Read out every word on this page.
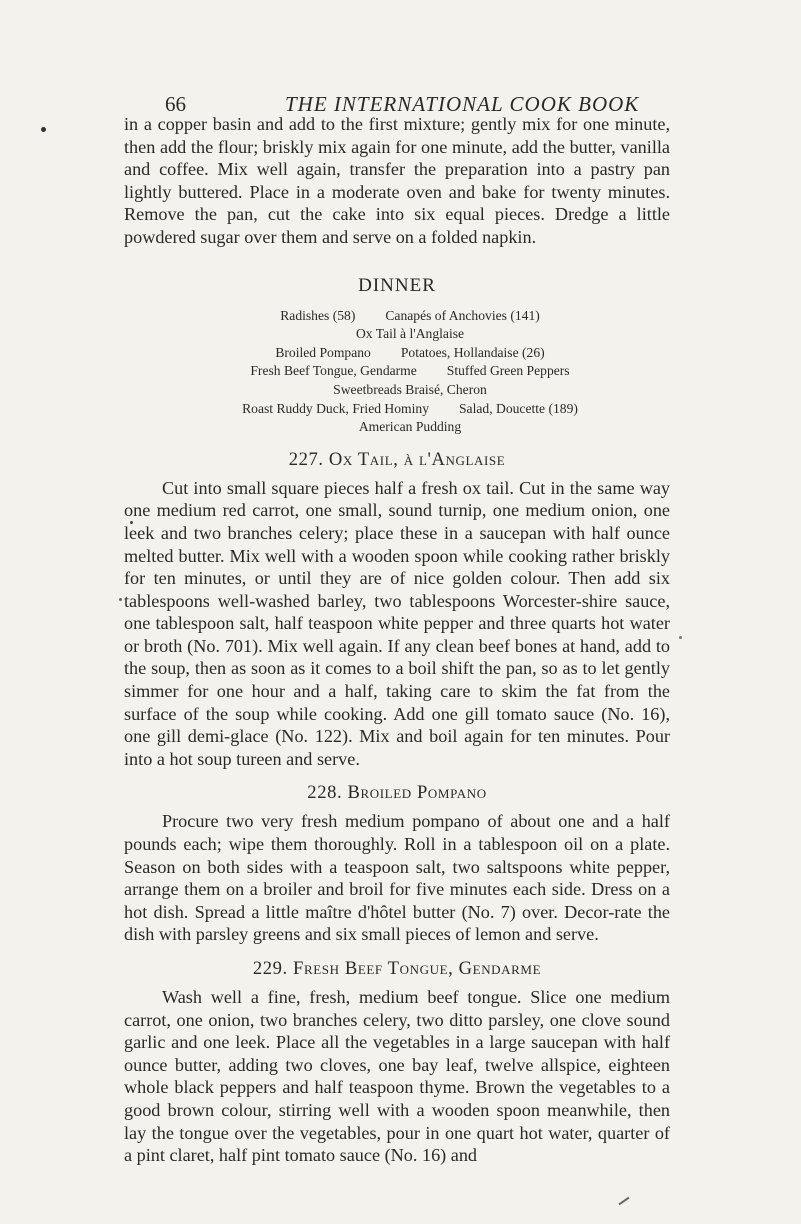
66	THE INTERNATIONAL COOK BOOK

in a copper basin and add to the first mixture; gently mix for one minute, then add the flour; briskly mix again for one minute, add the butter, vanilla and coffee. Mix well again, transfer the preparation into a pastry pan lightly buttered. Place in a moderate oven and bake for twenty minutes. Remove the pan, cut the cake into six equal pieces. Dredge a little powdered sugar over them and serve on a folded napkin.

DINNER
Radishes (58) Canapés of Anchovies (141)
Ox Tail à l'Anglaise
Broiled Pompano Potatoes, Hollandaise (26)
Fresh Beef Tongue, Gendarme Stuffed Green Peppers
Sweetbreads Braisé, Cheron
Roast Ruddy Duck, Fried Hominy Salad, Doucette (189)
American Pudding
227. Ox Tail, à l'Anglaise

Cut into small square pieces half a fresh ox tail. Cut in the same way one medium red carrot, one small, sound turnip, one medium onion, one leek and two branches celery; place these in a saucepan with half ounce melted butter. Mix well with a wooden spoon while cooking rather briskly for ten minutes, or until they are of nice golden colour. Then add six tablespoons well-washed barley, two tablespoons Worcester-shire sauce, one tablespoon salt, half teaspoon white pepper and three quarts hot water or broth (No. 701). Mix well again. If any clean beef bones at hand, add to the soup, then as soon as it comes to a boil shift the pan, so as to let gently simmer for one hour and a half, taking care to skim the fat from the surface of the soup while cooking. Add one gill tomato sauce (No. 16), one gill demi-glace (No. 122). Mix and boil again for ten minutes. Pour into a hot soup tureen and serve.

228. Broiled Pompano

Procure two very fresh medium pompano of about one and a half pounds each; wipe them thoroughly. Roll in a tablespoon oil on a plate. Season on both sides with a teaspoon salt, two saltspoons white pepper, arrange them on a broiler and broil for five minutes each side. Dress on a hot dish. Spread a little maître d'hôtel butter (No. 7) over. Decor-rate the dish with parsley greens and six small pieces of lemon and serve.

229. Fresh Beef Tongue, Gendarme

Wash well a fine, fresh, medium beef tongue. Slice one medium carrot, one onion, two branches celery, two ditto parsley, one clove sound garlic and one leek. Place all the vegetables in a large saucepan with half ounce butter, adding two cloves, one bay leaf, twelve allspice, eighteen whole black peppers and half teaspoon thyme. Brown the vegetables to a good brown colour, stirring well with a wooden spoon meanwhile, then lay the tongue over the vegetables, pour in one quart hot water, quarter of a pint claret, half pint tomato sauce (No. 16) and
